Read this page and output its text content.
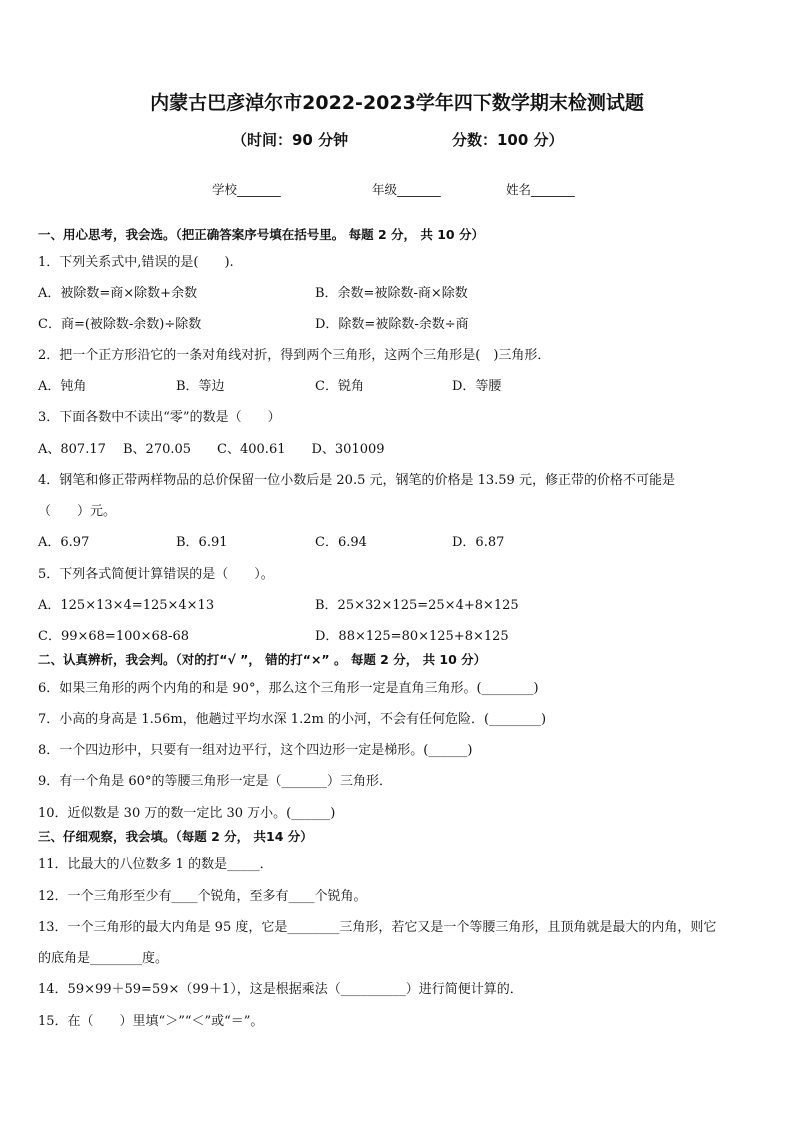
内蒙古巴彦淖尔市2022-2023学年四下数学期末检测试题
（时间：90 分钟	分数：100 分）
学校_______	年级_______	姓名_______
一、用心思考，我会选。（把正确答案序号填在括号里。 每题 2 分， 共 10 分）
1．下列关系式中,错误的是(　　).
A．被除数=商×除数+余数	B．余数=被除数-商×除数
C．商=(被除数-余数)÷除数	D．除数=被除数-余数÷商
2．把一个正方形沿它的一条对角线对折，得到两个三角形，这两个三角形是(　)三角形．
A．钝角	B．等边	C．锐角	D．等腰
3．下面各数中不读出“零”的数是（　　）
A、807.17　 B、270.05　　C、400.61　　D、301009
4．钢笔和修正带两样物品的总价保留一位小数后是 20.5 元，钢笔的价格是 13.59 元，修正带的价格不可能是
（　　）元。
A．6.97	B．6.91	C．6.94	D．6.87
5．下列各式简便计算错误的是（　　）。
A．125×13×4=125×4×13	B．25×32×125=25×4+8×125
C．99×68=100×68-68	D．88×125=80×125+8×125
二、认真辨析，我会判。（对的打“√ ”， 错的打“×” 。 每题 2 分， 共 10 分）
6．如果三角形的两个内角的和是 90°，那么这个三角形一定是直角三角形。(________)
7．小高的身高是 1.56m，他趟过平均水深 1.2m 的小河，不会有任何危险．(________)
8．一个四边形中，只要有一组对边平行，这个四边形一定是梯形。(______)
9．有一个角是 60°的等腰三角形一定是（_______）三角形．
10．近似数是 30 万的数一定比 30 万小。(______)
三、仔细观察，我会填。（每题 2 分， 共14 分）
11．比最大的八位数多 1 的数是_____．
12．一个三角形至少有____个锐角，至多有____个锐角。
13．一个三角形的最大内角是 95 度，它是________三角形，若它又是一个等腰三角形，且顶角就是最大的内角，则它
的底角是________度。
14．59×99＋59=59×（99＋1），这是根据乘法（__________）进行简便计算的．
15．在（　　）里填“＞”“＜”或“＝”。
